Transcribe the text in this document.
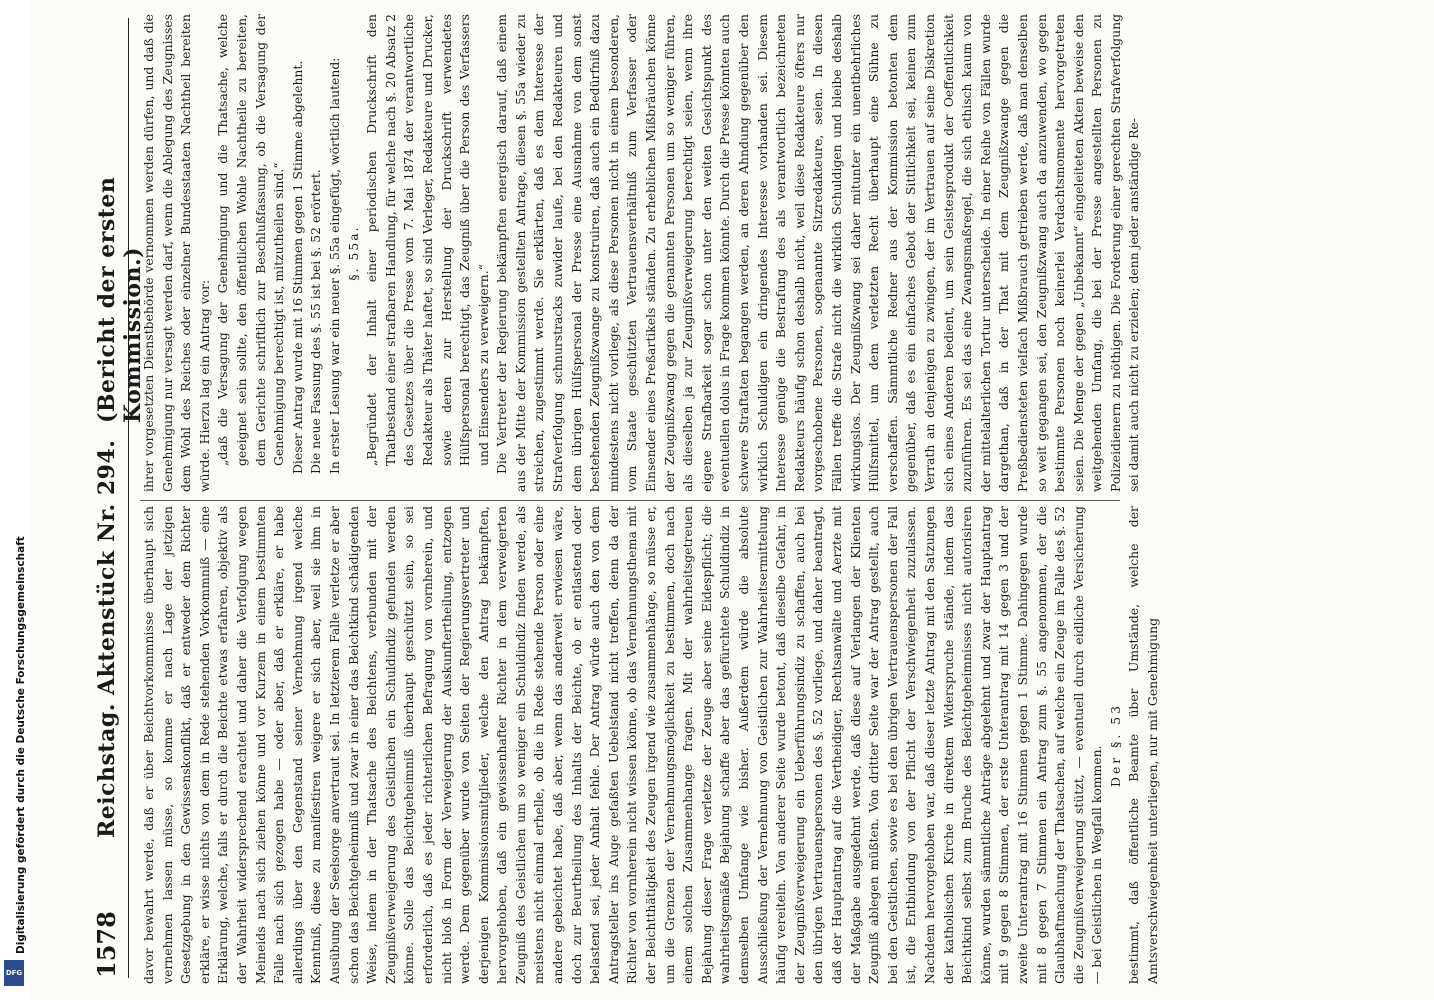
Digitalisierung gefördert durch die Deutsche Forschungsgemeinschaft
DFG	1578
Reichstag. Aktenstück Nr. 294.
(Bericht der ersten Kommission.)

davor bewahrt werde, daß er über Beichtvorkommnisse überhaupt sich vernehmen lassen müsse, so komme er nach Lage der jetzigen Gesetzgebung in den Gewissenskonflikt, daß er entweder dem Richter erkläre, er wisse nichts von dem in Rede stehenden Vorkommniß — eine Erklärung, welche, falls er durch die Beichte etwas erfahren, objektiv als der Wahrheit widersprechend erachtet und daher die Verfolgung wegen Meineids nach sich ziehen könne und vor Kurzem in einem bestimmten Falle nach sich gezogen habe — oder aber, daß er erkläre, er habe allerdings über den Gegenstand seiner Vernehmung irgend welche Kenntniß, diese zu manifestiren weigere er sich aber, weil sie ihm in Ausübung der Seelsorge anvertraut sei. In letzterem Falle verletze er aber schon das Beichtgeheimniß und zwar in einer das Beichtkind schädigenden Weise, indem in der Thatsache des Beichtens, verbunden mit der Zeugnißverweigerung des Geistlichen ein Schuldindiz gefunden werden könne. Solle das Beichtgeheimniß überhaupt geschützt sein, so sei erforderlich, daß es jeder richterlichen Befragung von vornherein, und nicht bloß in Form der Verweigerung der Auskunftertheilung, entzogen werde. Dem gegenüber wurde von Seiten der Regierungsvertreter und derjenigen Kommissionsmitglieder, welche den Antrag bekämpften, hervorgehoben, daß ein gewissenhafter Richter in dem verweigerten Zeugniß des Geistlichen um so weniger ein Schuldindiz finden werde, als meistens nicht einmal erhelle, ob die in Rede stehende Person oder eine andere gebeichtet habe, daß aber, wenn das anderweit erwiesen wäre, doch zur Beurtheilung des Inhalts der Beichte, ob er entlastend oder belastend sei, jeder Anhalt fehle. Der Antrag würde auch den von dem Antragsteller ins Auge gefaßten Uebelstand nicht treffen, denn da der Richter von vornherein nicht wissen könne, ob das Vernehmungsthema mit der Beichtthätigkeit des Zeugen irgend wie zusammenhänge, so müsse er, um die Grenzen der Vernehmungsmöglichkeit zu bestimmen, doch nach einem solchen Zusammenhange fragen. Mit der wahrheitsgetreuen Bejahung dieser Frage verletze der Zeuge aber seine Eidespflicht; die wahrheitsgemäße Bejahung schaffe aber das gefürchtete Schuldindiz in demselben Umfange wie bisher. Außerdem würde die absolute Ausschließung der Vernehmung von Geistlichen zur Wahrheitsermittelung häufig vereiteln. Von anderer Seite wurde betont, daß dieselbe Gefahr, in der Zeugnißverweigerung ein Ueberführungsindiz zu schaffen, auch bei den übrigen Vertrauenspersonen des §. 52 vorliege, und daher beantragt, daß der Hauptantrag auf die Vertheidiger, Rechtsanwälte und Aerzte mit der Maßgabe ausgedehnt werde, daß diese auf Verlangen der Klienten Zeugniß ablegen müßten. Von dritter Seite war der Antrag gestellt, auch bei den Geistlichen, sowie es bei den übrigen Vertrauenspersonen der Fall ist, die Entbindung von der Pflicht der Verschwiegenheit zuzulassen. Nachdem hervorgehoben war, daß dieser letzte Antrag mit den Satzungen der katholischen Kirche in direktem Widerspruche stände, indem das Beichtkind selbst zum Bruche des Beichtgeheimnisses nicht autorisiren könne, wurden sämmtliche Anträge abgelehnt und zwar der Hauptantrag mit 9 gegen 8 Stimmen, der erste Unterantrag mit 14 gegen 3 und der zweite Unterantrag mit 16 Stimmen gegen 1 Stimme. Dahingegen wurde mit 8 gegen 7 Stimmen ein Antrag zum §. 55 angenommen, der die Glaubhaftmachung der Thatsachen, auf welche ein Zeuge im Falle des §. 52 die Zeugnißverweigerung stützt, — eventuell durch eidliche Versicherung — bei Geistlichen in Wegfall kommen.

Der §. 53 bestimmt, daß öffentliche Beamte über Umstände, welche der Amtsverschwiegenheit unterliegen, nur mit Genehmigung

ihrer vorgesetzten Dienstbehörde vernommen werden dürfen, und daß die Genehmigung nur versagt werden darf, wenn die Ablegung des Zeugnisses dem Wohl des Reiches oder einzelner Bundesstaaten Nachtheil bereiten würde. Hierzu lag ein Antrag vor: „daß die Versagung der Genehmigung und die Thatsache, welche geeignet sein sollte, den öffentlichen Wohle Nachtheile zu bereiten, dem Gerichte schriftlich zur Beschlußfassung, ob die Versagung der Genehmigung berechtigt ist, mitzutheilen sind.“ Dieser Antrag wurde mit 16 Stimmen gegen 1 Stimme abgelehnt. Die neue Fassung des §. 55 ist bei §. 52 erörtert. In erster Lesung war ein neuer §. 55a eingefügt, wörtlich lautend: §. 55a. „Begründet der Inhalt einer periodischen Druckschrift den Thatbestand einer strafbaren Handlung, für welche nach §. 20 Absatz 2 des Gesetzes über die Presse vom 7. Mai 1874 der verantwortliche Redakteur als Thäter haftet, so sind Verleger, Redakteure und Drucker, sowie deren zur Herstellung der Druckschrift verwendetes Hülfspersonal berechtigt, das Zeugniß über die Person des Verfassers und Einsenders zu verweigern.“ Die Vertreter der Regierung bekämpften energisch darauf, daß einem aus der Mitte der Kommission gestellten Antrage, diesen §. 55a wieder zu streichen, zugestimmt werde. Sie erklärten, daß es dem Interesse der Strafverfolgung schnurstracks zuwider laufe, bei den Redakteuren und dem übrigen Hülfspersonal der Presse eine Ausnahme von dem sonst bestehenden Zeugnißzwange zu konstruiren, daß auch ein Bedürfniß dazu mindestens nicht vorliege, als diese Personen nicht in einem besonderen, vom Staate geschützten Vertrauensverhältniß zum Verfasser oder Einsender eines Preßartikels ständen. Zu erheblichen Mißbräuchen könne der Zeugnißzwang gegen die genannten Personen um so weniger führen, als dieselben ja zur Zeugnißverweigerung berechtigt seien, wenn ihre eigene Strafbarkeit sogar schon unter den weiten Gesichtspunkt des eventuellen dolus in Frage kommen könnte. Durch die Presse könnten auch schwere Straftaten begangen werden, an deren Ahndung gegenüber den wirklich Schuldigen ein dringendes Interesse vorhanden sei. Diesem Interesse genüge die Bestrafung des als verantwortlich bezeichneten Redakteurs häufig schon deshalb nicht, weil diese Redakteure öfters nur vorgeschobene Personen, sogenannte Sitzredakteure, seien. In diesen Fällen treffe die Strafe nicht die wirklich Schuldigen und bleibe deshalb wirkungslos. Der Zeugnißzwang sei daher mitunter ein unentbehrliches Hülfsmittel, um dem verletzten Recht überhaupt eine Sühne zu verschaffen. Sämmtliche Redner aus der Kommission betonten dem gegenüber, daß es ein einfaches Gebot der Sittlichkeit sei, keinen zum Verrath an denjenigen zu zwingen, der im Vertrauen auf seine Diskretion sich eines Anderen bedient, um sein Geistesprodukt der Oeffentlichkeit zuzuführen. Es sei das eine Zwangsmaßregel, die sich ethisch kaum von der mittelalterlichen Tortur unterscheide. In einer Reihe von Fällen wurde dargethan, daß in der That mit dem Zeugnißzwange gegen die Preßbediensteten vielfach Mißbrauch getrieben werde, daß man denselben so weit gegangen sei, den Zeugnißzwang auch da anzuwenden, wo gegen bestimmte Personen noch keinerlei Verdachtsmomente hervorgetreten seien. Die Menge der gegen „Unbekannt“ eingeleiteten Akten beweise den weitgehenden Umfang, die bei der Presse angestellten Personen zu Polizeidienern zu nöthigen. Die Forderung einer gerechten Strafverfolgung sei damit auch nicht zu erzielen; denn jeder anständige Re-
